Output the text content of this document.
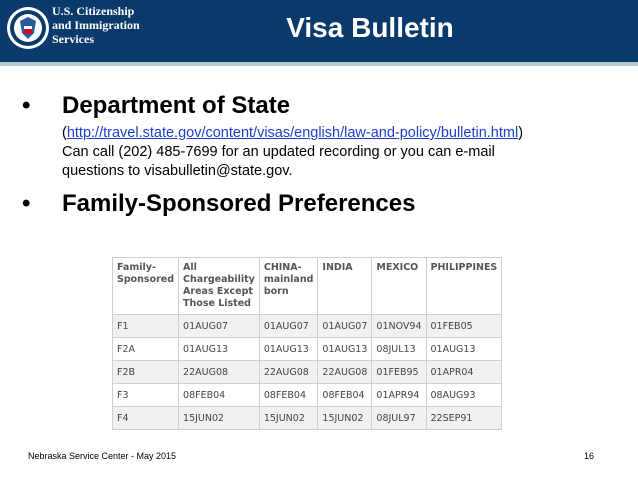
U.S. Citizenship
and Immigration
Services	Visa Bulletin
• Department of State
(http://travel.state.gov/content/visas/english/law-and-policy/bulletin.html)
Can call (202) 485-7699 for an updated recording or you can e-mail
questions to visabulletin@state.gov.
• Family-Sponsored Preferences
Family-
Sponsored	All
Chargeability
Areas Except
Those Listed	CHINA-
mainland
born	INDIA	MEXICO	PHILIPPINES
F1	01AUG07	01AUG07	01AUG07	01NOV94	01FEB05
F2A	01AUG13	01AUG13	01AUG13	08JUL13	01AUG13
F2B	22AUG08	22AUG08	22AUG08	01FEB95	01APR04
F3	08FEB04	08FEB04	08FEB04	01APR94	08AUG93
F4	15JUN02	15JUN02	15JUN02	08JUL97	22SEP91
Nebraska Service Center - May 2015	16
